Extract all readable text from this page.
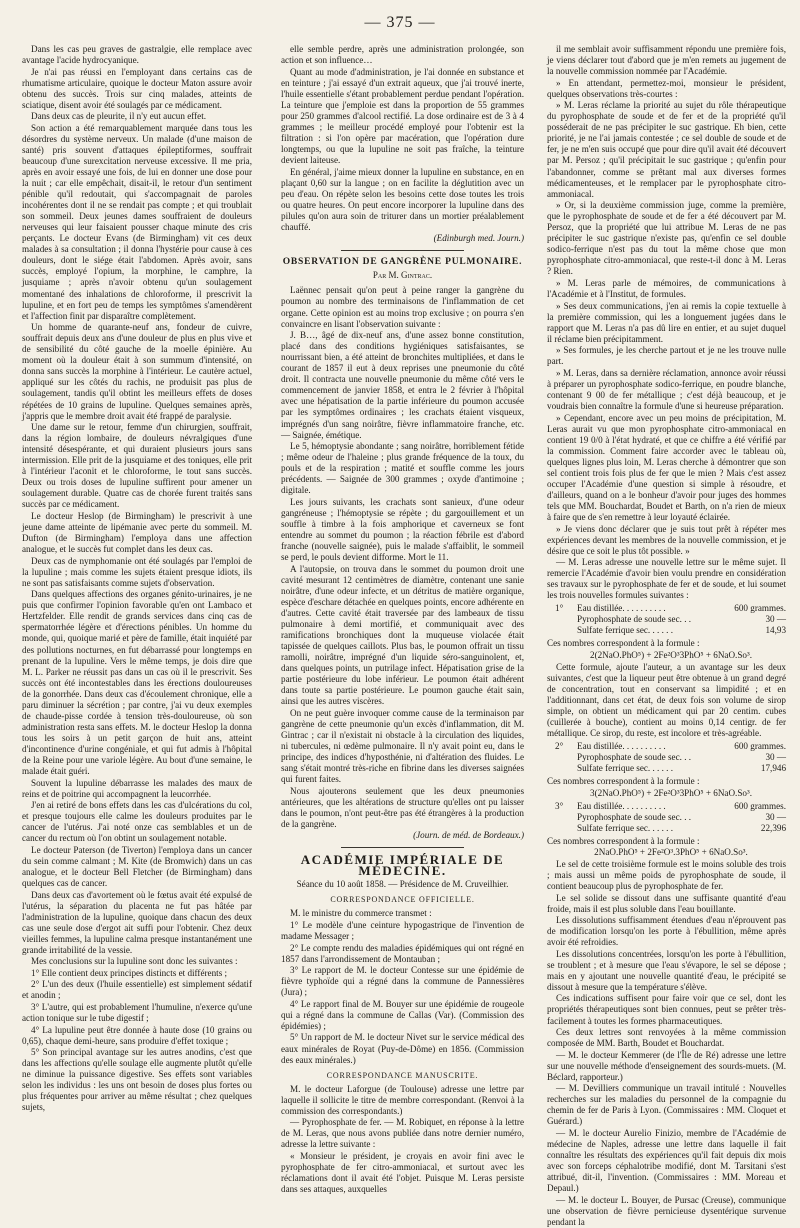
— 375 —

Dans les cas peu graves de gastralgie, elle remplace avec avantage l'acide hydrocyanique.

Je n'ai pas réussi en l'employant dans certains cas de rhumatisme articulaire, quoique le docteur Maton assure avoir obtenu des succès. Trois sur cinq malades, atteints de sciatique, disent avoir été soulagés par ce médicament.

Dans deux cas de pleurite, il n'y eut aucun effet.

Son action a été remarquablement marquée dans tous les désordres du système nerveux. Un malade (d'une maison de santé) pris souvent d'attaques épileptiformes, souffrait beaucoup d'une surexcitation nerveuse excessive. Il me pria, après en avoir essayé une fois, de lui en donner une dose pour la nuit ; car elle empêchait, disait-il, le retour d'un sentiment pénible qu'il redoutait, qui s'accompagnait de paroles incohérentes dont il ne se rendait pas compte ; et qui troublait son sommeil. Deux jeunes dames souffraient de douleurs nerveuses qui leur faisaient pousser chaque minute des cris perçants. Le docteur Evans (de Birmingham) vit ces deux malades à sa consultation ; il donna l'hystérie pour cause à ces douleurs, dont le siége était l'abdomen. Après avoir, sans succès, employé l'opium, la morphine, le camphre, la jusquiame ; après n'avoir obtenu qu'un soulagement momentané des inhalations de chloroforme, il prescrivit la lupuline, et en fort peu de temps les symptômes s'amendèrent et l'affection finit par disparaître complètement.

Un homme de quarante-neuf ans, fondeur de cuivre, souffrait depuis deux ans d'une douleur de plus en plus vive et de sensibilité du côté gauche de la moelle épinière. Au moment où la douleur était à son summum d'intensité, on donna sans succès la morphine à l'intérieur. Le cautère actuel, appliqué sur les côtés du rachis, ne produisit pas plus de soulagement, tandis qu'il obtint les meilleurs effets de doses répétées de 10 grains de lupuline. Quelques semaines après, j'appris que le membre droit avait été frappé de paralysie.

Une dame sur le retour, femme d'un chirurgien, souffrait, dans la région lombaire, de douleurs névralgiques d'une intensité désespérante, et qui duraient plusieurs jours sans intermission. Elle prit de la jusquiame et des toniques, elle prit à l'intérieur l'aconit et le chloroforme, le tout sans succès. Deux ou trois doses de lupuline suffirent pour amener un soulagement durable. Quatre cas de chorée furent traités sans succès par ce médicament.

Le docteur Heslop (de Birmingham) le prescrivit à une jeune dame atteinte de lipémanie avec perte du sommeil. M. Dufton (de Birmingham) l'employa dans une affection analogue, et le succès fut complet dans les deux cas.

Deux cas de nymphomanie ont été soulagés par l'emploi de la lupuline ; mais comme les sujets étaient presque idiots, ils ne sont pas satisfaisants comme sujets d'observation.

Dans quelques affections des organes génito-urinaires, je ne puis que confirmer l'opinion favorable qu'en ont Lambaco et Hertzfelder. Elle rendit de grands services dans cinq cas de spermatorrhée légère et d'érections pénibles. Un homme du monde, qui, quoique marié et père de famille, était inquiété par des pollutions nocturnes, en fut débarrassé pour longtemps en prenant de la lupuline. Vers le même temps, je dois dire que M. L. Parker ne réussit pas dans un cas où il le prescrivit. Ses succès ont été incontestables dans les érections douloureuses de la gonorrhée. Dans deux cas d'écoulement chronique, elle a paru diminuer la sécrétion ; par contre, j'ai vu deux exemples de chaude-pisse cordée à tension très-douloureuse, où son administration resta sans effets. M. le docteur Heslop la donna tous les soirs à un petit garçon de huit ans, atteint d'incontinence d'urine congéniale, et qui fut admis à l'hôpital de la Reine pour une variole légère. Au bout d'une semaine, le malade était guéri.

Souvent la lupuline débarrasse les malades des maux de reins et de poitrine qui accompagnent la leucorrhée.

J'en ai retiré de bons effets dans les cas d'ulcérations du col, et presque toujours elle calme les douleurs produites par le cancer de l'utérus. J'ai noté onze cas semblables et un de cancer du rectum où l'on obtint un soulagement notable.

Le docteur Paterson (de Tiverton) l'employa dans un cancer du sein comme calmant ; M. Kite (de Bromwich) dans un cas analogue, et le docteur Bell Fletcher (de Birmingham) dans quelques cas de cancer.

Dans deux cas d'avortement où le fœtus avait été expulsé de l'utérus, la séparation du placenta ne fut pas hâtée par l'administration de la lupuline, quoique dans chacun des deux cas une seule dose d'ergot ait suffi pour l'obtenir. Chez deux vieilles femmes, la lupuline calma presque instantanément une grande irritabilité de la vessie.

Mes conclusions sur la lupuline sont donc les suivantes :

1° Elle contient deux principes distincts et différents ;

2° L'un des deux (l'huile essentielle) est simplement sédatif et anodin ;

3° L'autre, qui est probablement l'humuline, n'exerce qu'une action tonique sur le tube digestif ;

4° La lupuline peut être donnée à haute dose (10 grains ou 0,65), chaque demi-heure, sans produire d'effet toxique ;

5° Son principal avantage sur les autres anodins, c'est que dans les affections qu'elle soulage elle augmente plutôt qu'elle ne diminue la puissance digestive. Ses effets sont variables selon les individus : les uns ont besoin de doses plus fortes ou plus fréquentes pour arriver au même résultat ; chez quelques sujets,

elle semble perdre, après une administration prolongée, son action et son influence…

Quant au mode d'administration, je l'ai donnée en substance et en teinture ; j'ai essayé d'un extrait aqueux, que j'ai trouvé inerte, l'huile essentielle s'étant probablement perdue pendant l'opération. La teinture que j'emploie est dans la proportion de 55 grammes pour 250 grammes d'alcool rectifié. La dose ordinaire est de 3 à 4 grammes ; le meilleur procédé employé pour l'obtenir est la filtration : si l'on opère par macération, que l'opération dure longtemps, ou que la lupuline ne soit pas fraîche, la teinture devient laiteuse.

En général, j'aime mieux donner la lupuline en substance, en en plaçant 0,60 sur la langue ; on en facilite la déglutition avec un peu d'eau. On répète selon les besoins cette dose toutes les trois ou quatre heures. On peut encore incorporer la lupuline dans des pilules qu'on aura soin de triturer dans un mortier préalablement chauffé.

(Edinburgh med. Journ.)

OBSERVATION DE GANGRÈNE PULMONAIRE.
Par M. Gintrac.

Laënnec pensait qu'on peut à peine ranger la gangrène du poumon au nombre des terminaisons de l'inflammation de cet organe. Cette opinion est au moins trop exclusive ; on pourra s'en convaincre en lisant l'observation suivante :

J. B…, âgé de dix-neuf ans, d'une assez bonne constitution, placé dans des conditions hygiéniques satisfaisantes, se nourrissant bien, a été atteint de bronchites multipliées, et dans le courant de 1857 il eut à deux reprises une pneumonie du côté droit. Il contracta une nouvelle pneumonie du même côté vers le commencement de janvier 1858, et entra le 2 février à l'hôpital avec une hépatisation de la partie inférieure du poumon accusée par les symptômes ordinaires ; les crachats étaient visqueux, imprégnés d'un sang noirâtre, fièvre inflammatoire franche, etc. — Saignée, émétique.

Le 5, hémoptysie abondante ; sang noirâtre, horriblement fétide ; même odeur de l'haleine ; plus grande fréquence de la toux, du pouls et de la respiration ; matité et souffle comme les jours précédents. — Saignée de 300 grammes ; oxyde d'antimoine ; digitale.

Les jours suivants, les crachats sont sanieux, d'une odeur gangréneuse ; l'hémoptysie se répète ; du gargouillement et un souffle à timbre à la fois amphorique et caverneux se font entendre au sommet du poumon ; la réaction fébrile est d'abord franche (nouvelle saignée), puis le malade s'affaiblit, le sommeil se perd, le pouls devient difforme. Mort le 11.

A l'autopsie, on trouva dans le sommet du poumon droit une cavité mesurant 12 centimètres de diamètre, contenant une sanie noirâtre, d'une odeur infecte, et un détritus de matière organique, espèce d'eschare détachée en quelques points, encore adhérente en d'autres. Cette cavité était traversée par des lambeaux de tissu pulmonaire à demi mortifié, et communiquait avec des ramifications bronchiques dont la muqueuse violacée était tapissée de quelques caillots. Plus bas, le poumon offrait un tissu ramolli, noirâtre, imprégné d'un liquide séro-sanguinolent, et, dans quelques points, un putrilage infect. Hépatisation grise de la partie postérieure du lobe inférieur. Le poumon était adhérent dans toute sa partie postérieure. Le poumon gauche était sain, ainsi que les autres viscères.

On ne peut guère invoquer comme cause de la terminaison par gangrène de cette pneumonie qu'un excès d'inflammation, dit M. Gintrac ; car il n'existait ni obstacle à la circulation des liquides, ni tubercules, ni œdème pulmonaire. Il n'y avait point eu, dans le principe, des indices d'hyposthénie, ni d'altération des fluides. Le sang s'était montré très-riche en fibrine dans les diverses saignées qui furent faites.

Nous ajouterons seulement que les deux pneumonies antérieures, que les altérations de structure qu'elles ont pu laisser dans le poumon, n'ont peut-être pas été étrangères à la production de la gangrène.

(Journ. de méd. de Bordeaux.)

ACADÉMIE IMPÉRIALE DE MÉDECINE.

Séance du 10 août 1858. — Présidence de M. Cruveilhier.

CORRESPONDANCE OFFICIELLE.

M. le ministre du commerce transmet :

1° Le modèle d'une ceinture hypogastrique de l'invention de madame Messager ;

2° Le compte rendu des maladies épidémiques qui ont régné en 1857 dans l'arrondissement de Montauban ;

3° Le rapport de M. le docteur Contesse sur une épidémie de fièvre typhoïde qui a régné dans la commune de Pannessières (Jura) ;

4° Le rapport final de M. Bouyer sur une épidémie de rougeole qui a régné dans la commune de Callas (Var). (Commission des épidémies) ;

5° Un rapport de M. le docteur Nivet sur le service médical des eaux minérales de Royat (Puy-de-Dôme) en 1856. (Commission des eaux minérales.)

CORRESPONDANCE MANUSCRITE.

M. le docteur Laforgue (de Toulouse) adresse une lettre par laquelle il sollicite le titre de membre correspondant. (Renvoi à la commission des correspondants.)

— Pyrophosphate de fer. — M. Robiquet, en réponse à la lettre de M. Leras, que nous avons publiée dans notre dernier numéro, adresse la lettre suivante :

« Monsieur le président, je croyais en avoir fini avec le pyrophosphate de fer citro-ammoniacal, et surtout avec les réclamations dont il avait été l'objet. Puisque M. Leras persiste dans ses attaques, auxquelles

il me semblait avoir suffisamment répondu une première fois, je viens déclarer tout d'abord que je m'en remets au jugement de la nouvelle commission nommée par l'Académie.

» En attendant, permettez-moi, monsieur le président, quelques observations très-courtes :

» M. Leras réclame la priorité au sujet du rôle thérapeutique du pyrophosphate de soude et de fer et de la propriété qu'il posséderait de ne pas précipiter le suc gastrique. Eh bien, cette priorité, je ne l'ai jamais contestée ; ce sel double de soude et de fer, je ne m'en suis occupé que pour dire qu'il avait été découvert par M. Persoz ; qu'il précipitait le suc gastrique ; qu'enfin pour l'abandonner, comme se prêtant mal aux diverses formes médicamenteuses, et le remplacer par le pyrophosphate citro-ammoniacal.

» Or, si la deuxième commission juge, comme la première, que le pyrophosphate de soude et de fer a été découvert par M. Persoz, que la propriété que lui attribue M. Leras de ne pas précipiter le suc gastrique n'existe pas, qu'enfin ce sel double sodico-ferrique n'est pas du tout la même chose que mon pyrophosphate citro-ammoniacal, que reste-t-il donc à M. Leras ? Rien.

» M. Leras parle de mémoires, de communications à l'Académie et à l'Institut, de formules.

» Ses deux communications, j'en ai remis la copie textuelle à la première commission, qui les a longuement jugées dans le rapport que M. Leras n'a pas dû lire en entier, et au sujet duquel il réclame bien précipitamment.

» Ses formules, je les cherche partout et je ne les trouve nulle part.

» M. Leras, dans sa dernière réclamation, annonce avoir réussi à préparer un pyrophosphate sodico-ferrique, en poudre blanche, contenant 9 00 de fer métallique ; c'est déjà beaucoup, et je voudrais bien connaître la formule d'une si heureuse préparation.

» Cependant, encore avec un peu moins de précipitation, M. Leras aurait vu que mon pyrophosphate citro-ammoniacal en contient 19 0/0 à l'état hydraté, et que ce chiffre a été vérifié par la commission. Comment faire accorder avec le tableau où, quelques lignes plus loin, M. Leras cherche à démontrer que son sel contient trois fois plus de fer que le mien ? Mais c'est assez occuper l'Académie d'une question si simple à résoudre, et d'ailleurs, quand on a le bonheur d'avoir pour juges des hommes tels que MM. Bouchardat, Boudet et Barth, on n'a rien de mieux à faire que de s'en remettre à leur loyauté éclairée.

» Je viens donc déclarer que je suis tout prêt à répéter mes expériences devant les membres de la nouvelle commission, et je désire que ce soit le plus tôt possible. »

— M. Leras adresse une nouvelle lettre sur le même sujet. Il remercie l'Académie d'avoir bien voulu prendre en considération ses travaux sur le pyrophosphate de fer et de soude, et lui soumet les trois nouvelles formules suivantes :

1° Eau distillée. . . . . . . . . .	600 grammes.
Pyrophosphate de soude sec. . .	30 —
Sulfate ferrique sec. . . . . .	14,93

Ces nombres correspondent à la formule :

2(2NaO.PhO⁵) + 2Fe²O³3PhO⁵ + 6NaO.So³.

Cette formule, ajoute l'auteur, a un avantage sur les deux suivantes, c'est que la liqueur peut être obtenue à un grand degré de concentration, tout en conservant sa limpidité ; et en l'additionnant, dans cet état, de deux fois son volume de sirop simple, on obtient un médicament qui par 20 centim. cubes (cuillerée à bouche), contient au moins 0,14 centigr. de fer métallique. Ce sirop, du reste, est incolore et très-agréable.

2° Eau distillée. . . . . . . . . .	600 grammes.
Pyrophosphate de soude sec. . .	30 —
Sulfate ferrique sec. . . . . .	17,946

Ces nombres correspondent à la formule :

3(2NaO.PhO⁵) + 2Fe²O³3PhO⁵ + 6NaO.So³.

3° Eau distillée. . . . . . . . . .	600 grammes.
Pyrophosphate de soude sec. . .	30 —
Sulfate ferrique sec. . . . . .	22,396

Ces nombres correspondent à la formule :

2NaO.PhO⁵ + 2Fe²O³.3PhO⁵ + 6NaO.So³.

Le sel de cette troisième formule est le moins soluble des trois ; mais aussi un même poids de pyrophosphate de soude, il contient beaucoup plus de pyrophosphate de fer.

Le sel solide se dissout dans une suffisante quantité d'eau froide, mais il est plus soluble dans l'eau bouillante.

Les dissolutions suffisamment étendues d'eau n'éprouvent pas de modification lorsqu'on les porte à l'ébullition, même après avoir été refroidies.

Les dissolutions concentrées, lorsqu'on les porte à l'ébullition, se troublent ; et à mesure que l'eau s'évapore, le sel se dépose ; mais en y ajoutant une nouvelle quantité d'eau, le précipité se dissout à mesure que la température s'élève.

Ces indications suffisent pour faire voir que ce sel, dont les propriétés thérapeutiques sont bien connues, peut se prêter très-facilement à toutes les formes pharmaceutiques.

Ces deux lettres sont renvoyées à la même commission composée de MM. Barth, Boudet et Bouchardat.

— M. le docteur Kemmerer (de l'Île de Ré) adresse une lettre sur une nouvelle méthode d'enseignement des sourds-muets. (M. Béclard, rapporteur.)

— M. Devilliers communique un travail intitulé : Nouvelles recherches sur les maladies du personnel de la compagnie du chemin de fer de Paris à Lyon. (Commissaires : MM. Cloquet et Guérard.)

— M. le docteur Aurelio Finizio, membre de l'Académie de médecine de Naples, adresse une lettre dans laquelle il fait connaître les résultats des expériences qu'il fait depuis dix mois avec son forceps céphalotribe modifié, dont M. Tarsitani s'est attribué, dit-il, l'invention. (Commissaires : MM. Moreau et Depaul.)

— M. le docteur L. Bouyer, de Pursac (Creuse), communique une observation de fièvre pernicieuse dysentérique survenue pendant la
